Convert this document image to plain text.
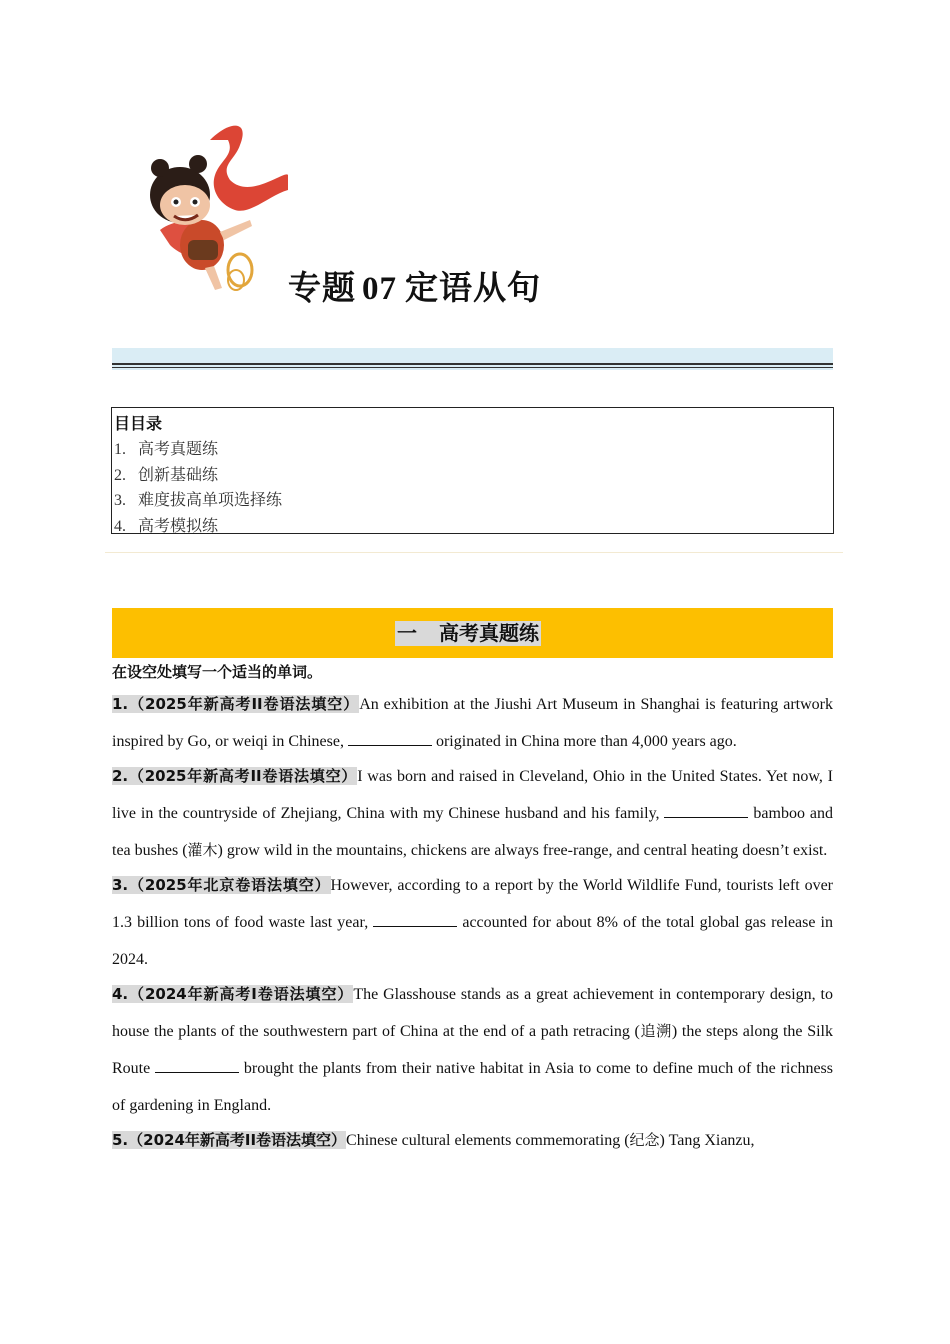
专题 07 定语从句
目目录
1. 高考真题练
2. 创新基础练
3. 难度拔高单项选择练
4. 高考模拟练
一 高考真题练
在设空处填写一个适当的单词。

1.（2025年新高考II卷语法填空）An exhibition at the Jiushi Art Museum in Shanghai is featuring artwork inspired by Go, or weiqi in Chinese,	originated in China more than 4,000 years ago.

2.（2025年新高考II卷语法填空）I was born and raised in Cleveland, Ohio in the United States. Yet now, I live in the countryside of Zhejiang, China with my Chinese husband and his family,	bamboo and tea bushes (灌木) grow wild in the mountains, chickens are always free-range, and central heating doesn’t exist.

3.（2025年北京卷语法填空）However, according to a report by the World Wildlife Fund, tourists left over 1.3 billion tons of food waste last year,	accounted for about 8% of the total global gas release in 2024.

4.（2024年新高考I卷语法填空）The Glasshouse stands as a great achievement in contemporary design, to house the plants of the southwestern part of China at the end of a path retracing (追溯) the steps along the Silk Route	brought the plants from their native habitat in Asia to come to define much of the richness of gardening in England.

5.（2024年新高考II卷语法填空）Chinese cultural elements commemorating (纪念) Tang Xianzu,
